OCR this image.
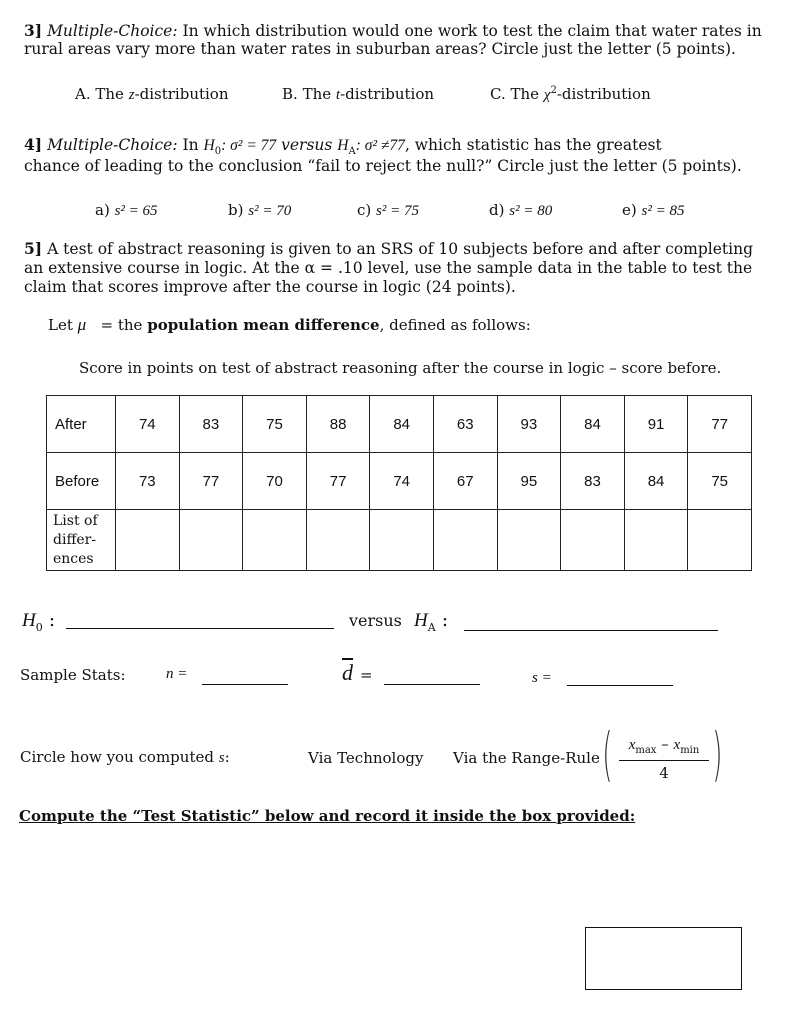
3] Multiple-Choice: In which distribution would one work to test the claim that water rates in
rural areas vary more than water rates in suburban areas? Circle just the letter (5 points).
A. The z-distribution	B. The t-distribution	C. The $\chi^2$-distribution
4] Multiple-Choice: In $H_0$: σ² = 77 versus $H_A$: σ² ≠77, which statistic has the greatest
chance of leading to the conclusion “fail to reject the null?” Circle just the letter (5 points).
a) s² = 65	b) s² = 70	c) s² = 75	d) s² = 80	e) s² = 85
5] A test of abstract reasoning is given to an SRS of 10 subjects before and after completing
an extensive course in logic. At the α = .10 level, use the sample data in the table to test the
claim that scores improve after the course in logic (24 points).
Let μ = the population mean difference, defined as follows:
Score in points on test of abstract reasoning after the course in logic – score before.
After	74	83	75	88	84	63	93	84	91	77
Before	73	77	70	77	74	67	95	83	84	75
List of differ- ences										
$H_0$ :	versus $H_A$ :
Sample Stats:	n =	$\overline{d}$ =	s =
Circle how you computed s:	Via Technology Via the Range-Rule (	$x_{max} - x_{min}$
4 )
Compute the “Test Statistic” below and record it inside the box provided:
